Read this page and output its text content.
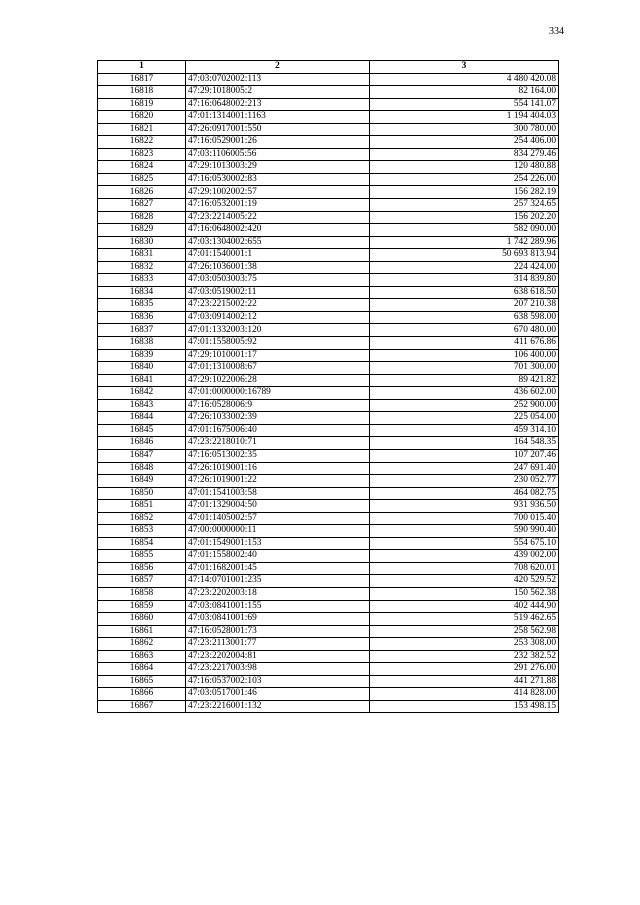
334
1	2	3
16817	47:03:0702002:113	4 480 420.08
16818	47:29:1018005:2	82 164.00
16819	47:16:0648002:213	554 141.07
16820	47:01:1314001:1163	1 194 404.03
16821	47:26:0917001:550	300 780.00
16822	47:16:0529001:26	254 406.00
16823	47:03:1106005:56	834 279.46
16824	47:29:1013003:29	120 480.88
16825	47:16:0530002:83	254 226.00
16826	47:29:1002002:57	156 282.19
16827	47:16:0532001:19	257 324.65
16828	47:23:2214005:22	156 202.20
16829	47:16:0648002:420	582 090.00
16830	47:03:1304002:655	1 742 289.96
16831	47:01:1540001:1	50 693 813.94
16832	47:26:1036001:38	224 424.00
16833	47:03:0503003:75	314 839.80
16834	47:03:0519002:11	638 618.50
16835	47:23:2215002:22	207 210.38
16836	47:03:0914002:12	638 598.00
16837	47:01:1332003:120	670 480.00
16838	47:01:1558005:92	411 676.86
16839	47:29:1010001:17	106 400.00
16840	47:01:1310008:67	701 300.00
16841	47:29:1022006:28	89 421.82
16842	47:01:0000000:16789	436 602.00
16843	47:16:0528006:9	252 900.00
16844	47:26:1033002:39	225 054.00
16845	47:01:1675006:40	459 314.10
16846	47:23:2218010:71	164 548.35
16847	47:16:0513002:35	107 207.46
16848	47:26:1019001:16	247 691.40
16849	47:26:1019001:22	230 052.77
16850	47:01:1541003:58	464 082.75
16851	47:01:1329004:50	931 936.50
16852	47:01:1405002:57	700 015.40
16853	47:00:0000000:11	590 990.40
16854	47:01:1549001:153	554 675.10
16855	47:01:1558002:40	439 002.00
16856	47:01:1682001:45	708 620.01
16857	47:14:0701001:235	420 529.52
16858	47:23:2202003:18	150 562.38
16859	47:03:0841001:155	402 444.90
16860	47:03:0841001:69	519 462.65
16861	47:16:0528001:73	258 562.98
16862	47:23:2113001:77	253 308.00
16863	47:23:2202004:81	232 382.52
16864	47:23:2217003:98	291 276.00
16865	47:16:0537002:103	441 271.88
16866	47:03:0517001:46	414 828.00
16867	47:23:2216001:132	153 498.15
